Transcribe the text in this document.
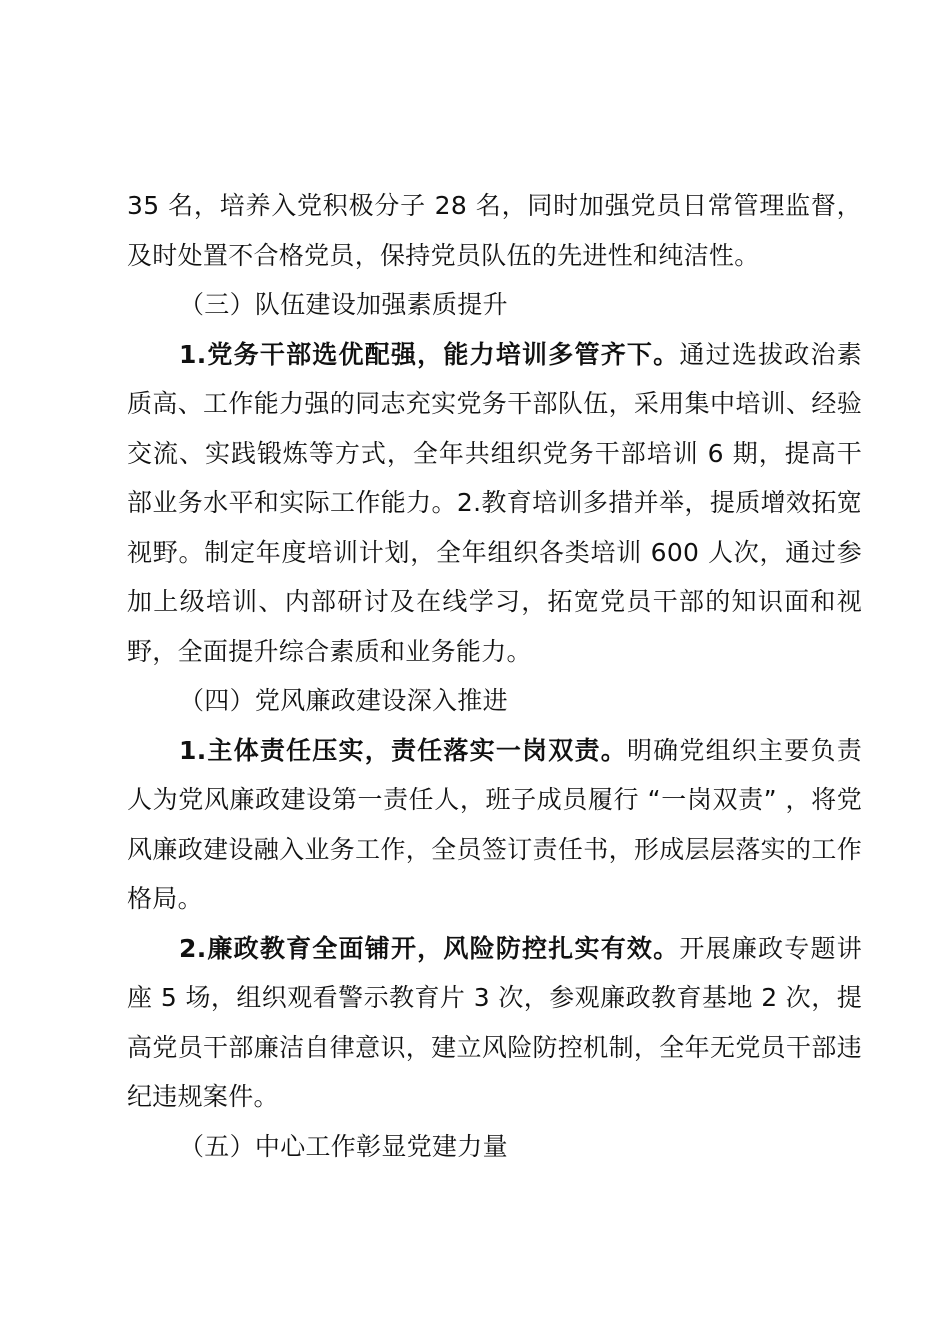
35 名，培养入党积极分子 28 名，同时加强党员日常管理监督，及时处置不合格党员，保持党员队伍的先进性和纯洁性。

（三）队伍建设加强素质提升

1.党务干部选优配强，能力培训多管齐下。通过选拔政治素质高、工作能力强的同志充实党务干部队伍，采用集中培训、经验交流、实践锻炼等方式，全年共组织党务干部培训 6 期，提高干部业务水平和实际工作能力。2.教育培训多措并举，提质增效拓宽视野。制定年度培训计划，全年组织各类培训 600 人次，通过参加上级培训、内部研讨及在线学习，拓宽党员干部的知识面和视野，全面提升综合素质和业务能力。

（四）党风廉政建设深入推进

1.主体责任压实，责任落实一岗双责。明确党组织主要负责人为党风廉政建设第一责任人，班子成员履行 “一岗双责” ，将党风廉政建设融入业务工作，全员签订责任书，形成层层落实的工作格局。

2.廉政教育全面铺开，风险防控扎实有效。开展廉政专题讲座 5 场，组织观看警示教育片 3 次，参观廉政教育基地 2 次，提高党员干部廉洁自律意识，建立风险防控机制，全年无党员干部违纪违规案件。

（五）中心工作彰显党建力量
